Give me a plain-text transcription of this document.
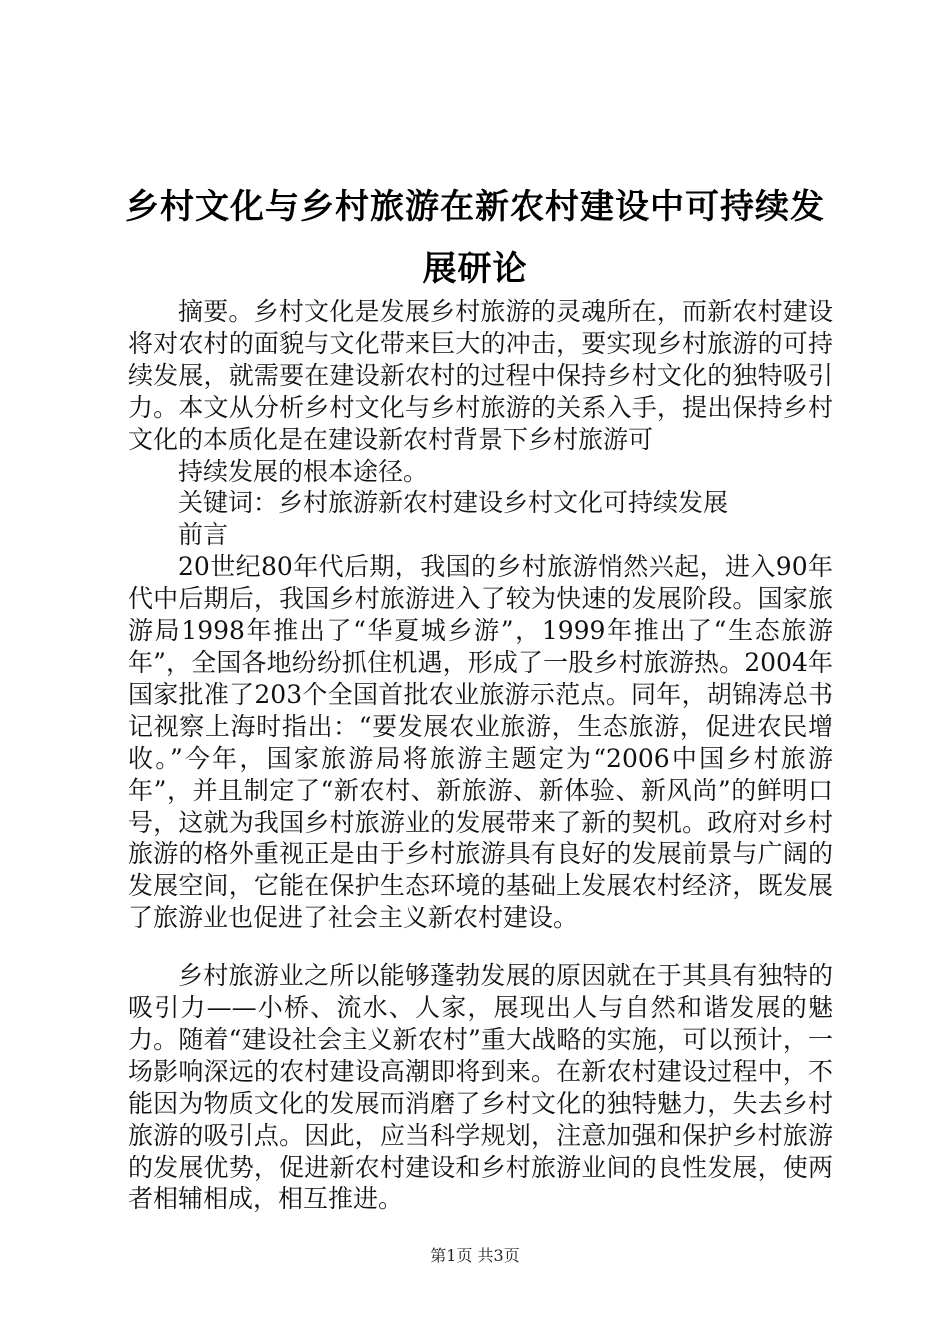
乡村文化与乡村旅游在新农村建设中可持续发
展研论

摘要。乡村文化是发展乡村旅游的灵魂所在，而新农村建设将对农村的面貌与文化带来巨大的冲击，要实现乡村旅游的可持续发展，就需要在建设新农村的过程中保持乡村文化的独特吸引力。本文从分析乡村文化与乡村旅游的关系入手，提出保持乡村文化的本质化是在建设新农村背景下乡村旅游可

持续发展的根本途径。

关键词：乡村旅游新农村建设乡村文化可持续发展

前言

20世纪80年代后期，我国的乡村旅游悄然兴起，进入90年代中后期后，我国乡村旅游进入了较为快速的发展阶段。国家旅游局1998年推出了“华夏城乡游”，1999年推出了“生态旅游年”，全国各地纷纷抓住机遇，形成了一股乡村旅游热。2004年国家批准了203个全国首批农业旅游示范点。同年，胡锦涛总书记视察上海时指出：“要发展农业旅游，生态旅游，促进农民增收。”今年，国家旅游局将旅游主题定为“2006中国乡村旅游年”，并且制定了“新农村、新旅游、新体验、新风尚”的鲜明口号，这就为我国乡村旅游业的发展带来了新的契机。政府对乡村旅游的格外重视正是由于乡村旅游具有良好的发展前景与广阔的发展空间，它能在保护生态环境的基础上发展农村经济，既发展了旅游业也促进了社会主义新农村建设。

乡村旅游业之所以能够蓬勃发展的原因就在于其具有独特的吸引力——小桥、流水、人家，展现出人与自然和谐发展的魅力。随着“建设社会主义新农村”重大战略的实施，可以预计，一场影响深远的农村建设高潮即将到来。在新农村建设过程中，不能因为物质文化的发展而消磨了乡村文化的独特魅力，失去乡村旅游的吸引点。因此，应当科学规划，注意加强和保护乡村旅游的发展优势，促进新农村建设和乡村旅游业间的良性发展，使两者相辅相成，相互推进。

第1页 共3页
